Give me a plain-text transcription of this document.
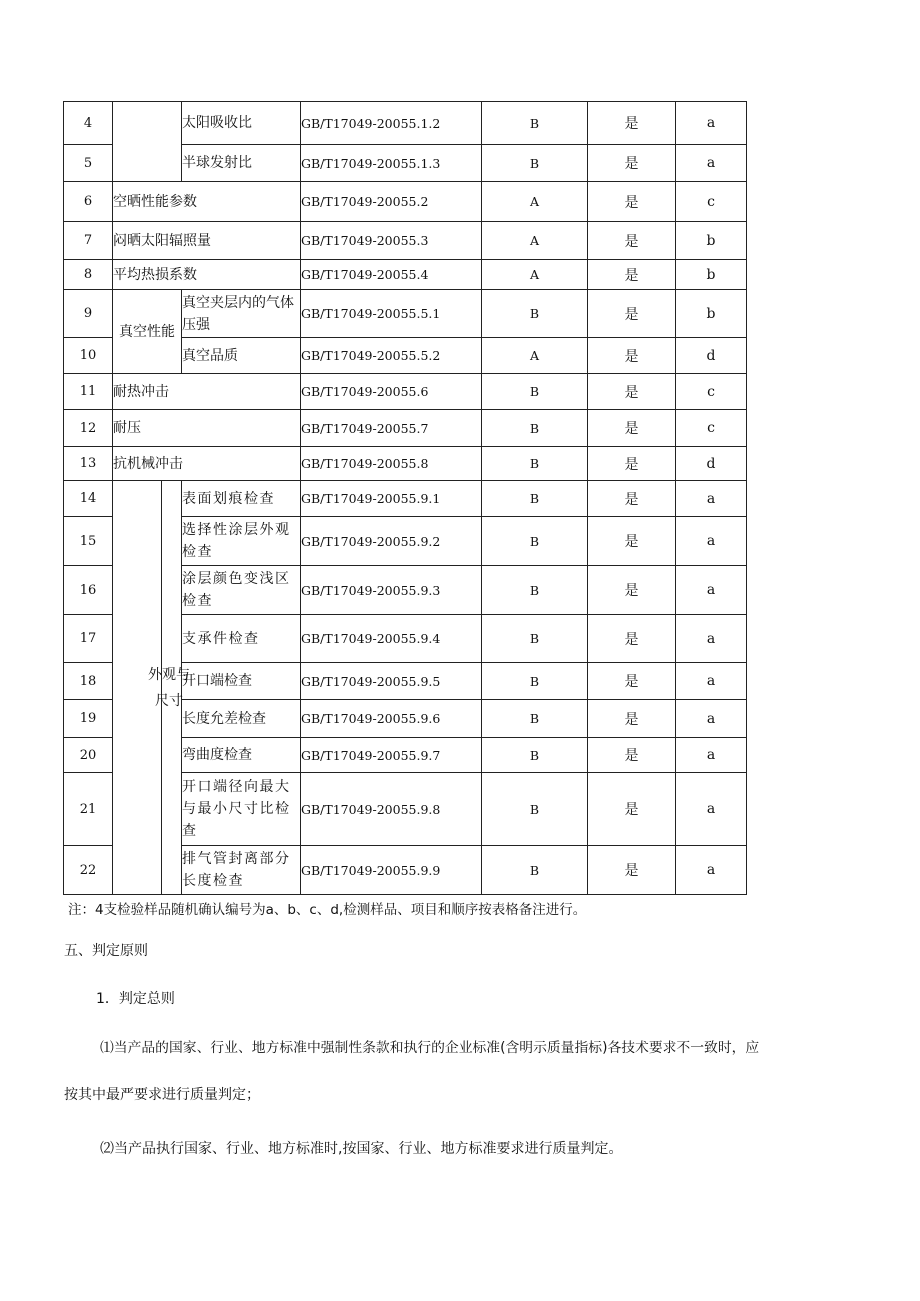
4			太阳吸收比	GB/T17049-20055.1.2	B	是	a
5			半球发射比	GB/T17049-20055.1.3	B	是	a
6	空晒性能参数			GB/T17049-20055.2	A	是	c
7	闷晒太阳辐照量			GB/T17049-20055.3	A	是	b
8	平均热损系数			GB/T17049-20055.4	A	是	b
9	真空性能		真空夹层内的气体压强	GB/T17049-20055.5.1	B	是	b
10			真空品质	GB/T17049-20055.5.2	A	是	d
11	耐热冲击			GB/T17049-20055.6	B	是	c
12	耐压			GB/T17049-20055.7	B	是	c
13	抗机械冲击			GB/T17049-20055.8	B	是	d
14		外观与尺寸	表面划痕检查	GB/T17049-20055.9.1	B	是	a
15			选择性涂层外观检查	GB/T17049-20055.9.2	B	是	a
16			涂层颜色变浅区检查	GB/T17049-20055.9.3	B	是	a
17			支承件检查	GB/T17049-20055.9.4	B	是	a
18			开口端检查	GB/T17049-20055.9.5	B	是	a
19			长度允差检查	GB/T17049-20055.9.6	B	是	a
20			弯曲度检查	GB/T17049-20055.9.7	B	是	a
21			开口端径向最大与最小尺寸比检查	GB/T17049-20055.9.8	B	是	a
22			排气管封离部分长度检查	GB/T17049-20055.9.9	B	是	a
注：4支检验样品随机确认编号为a、b、c、d,检测样品、项目和顺序按表格备注进行。
五、判定原则
1．判定总则
⑴当产品的国家、行业、地方标准中强制性条款和执行的企业标准(含明示质量指标)各技术要求不一致时，应
按其中最严要求进行质量判定；
⑵当产品执行国家、行业、地方标准时,按国家、行业、地方标准要求进行质量判定。
